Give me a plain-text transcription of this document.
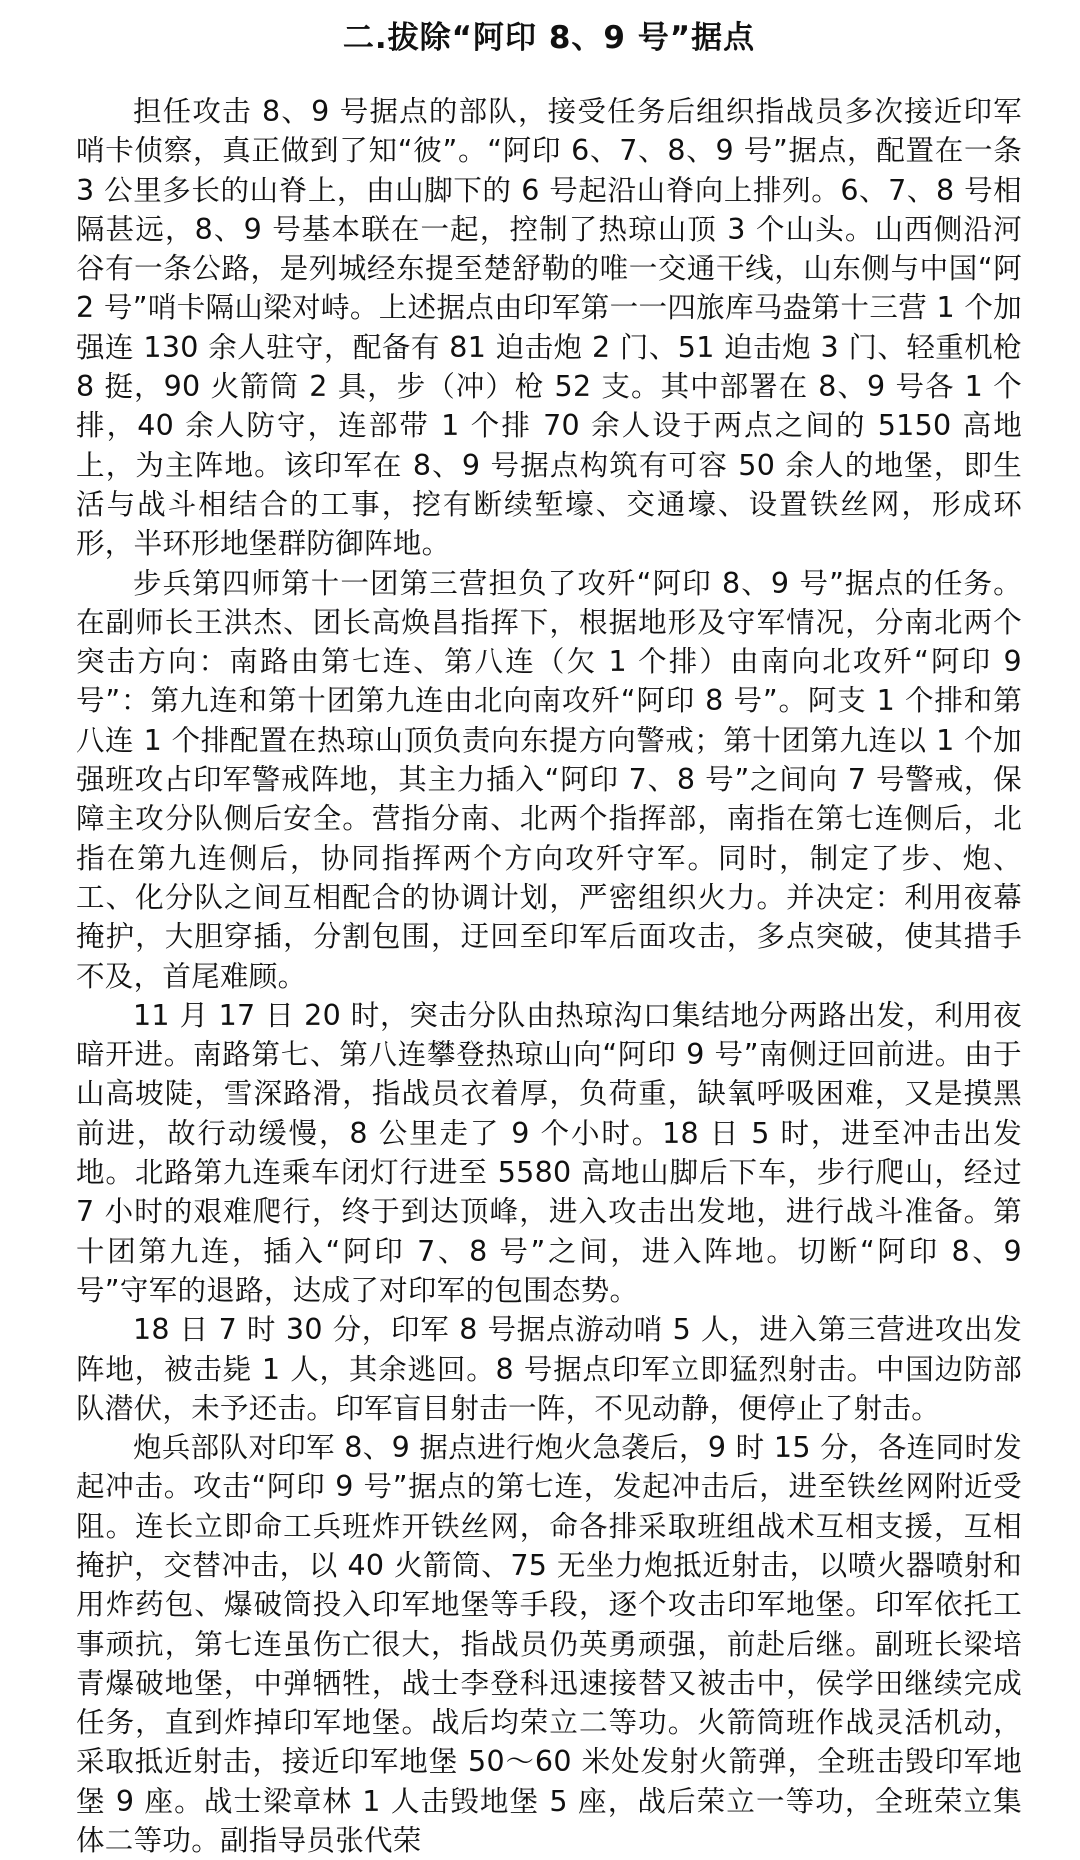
二.拔除“阿印 8、9 号”据点

担任攻击 8、9 号据点的部队，接受任务后组织指战员多次接近印军哨卡侦察，真正做到了知“彼”。“阿印 6、7、8、9 号”据点，配置在一条 3 公里多长的山脊上，由山脚下的 6 号起沿山脊向上排列。6、7、8 号相隔甚远，8、9 号基本联在一起，控制了热琼山顶 3 个山头。山西侧沿河谷有一条公路，是列城经东提至楚舒勒的唯一交通干线，山东侧与中国“阿 2 号”哨卡隔山梁对峙。上述据点由印军第一一四旅库马盎第十三营 1 个加强连 130 余人驻守，配备有 81 迫击炮 2 门、51 迫击炮 3 门、轻重机枪 8 挺，90 火箭筒 2 具，步（冲）枪 52 支。其中部署在 8、9 号各 1 个排，40 余人防守，连部带 1 个排 70 余人设于两点之间的 5150 高地上，为主阵地。该印军在 8、9 号据点构筑有可容 50 余人的地堡，即生活与战斗相结合的工事，挖有断续堑壕、交通壕、设置铁丝网，形成环形，半环形地堡群防御阵地。

步兵第四师第十一团第三营担负了攻歼“阿印 8、9 号”据点的任务。在副师长王洪杰、团长高焕昌指挥下，根据地形及守军情况，分南北两个突击方向：南路由第七连、第八连（欠 1 个排）由南向北攻歼“阿印 9 号”：第九连和第十团第九连由北向南攻歼“阿印 8 号”。阿支 1 个排和第八连 1 个排配置在热琼山顶负责向东提方向警戒；第十团第九连以 1 个加强班攻占印军警戒阵地，其主力插入“阿印 7、8 号”之间向 7 号警戒，保障主攻分队侧后安全。营指分南、北两个指挥部，南指在第七连侧后，北指在第九连侧后，协同指挥两个方向攻歼守军。同时，制定了步、炮、工、化分队之间互相配合的协调计划，严密组织火力。并决定：利用夜幕掩护，大胆穿插，分割包围，迂回至印军后面攻击，多点突破，使其措手不及，首尾难顾。

11 月 17 日 20 时，突击分队由热琼沟口集结地分两路出发，利用夜暗开进。南路第七、第八连攀登热琼山向“阿印 9 号”南侧迂回前进。由于山高坡陡，雪深路滑，指战员衣着厚，负荷重，缺氧呼吸困难，又是摸黑前进，故行动缓慢，8 公里走了 9 个小时。18 日 5 时，进至冲击出发地。北路第九连乘车闭灯行进至 5580 高地山脚后下车，步行爬山，经过 7 小时的艰难爬行，终于到达顶峰，进入攻击出发地，进行战斗准备。第十团第九连，插入“阿印 7、8 号”之间，进入阵地。切断“阿印 8、9 号”守军的退路，达成了对印军的包围态势。

18 日 7 时 30 分，印军 8 号据点游动哨 5 人，进入第三营进攻出发阵地，被击毙 1 人，其余逃回。8 号据点印军立即猛烈射击。中国边防部队潜伏，未予还击。印军盲目射击一阵，不见动静，便停止了射击。

炮兵部队对印军 8、9 据点进行炮火急袭后，9 时 15 分，各连同时发起冲击。攻击“阿印 9 号”据点的第七连，发起冲击后，进至铁丝网附近受阻。连长立即命工兵班炸开铁丝网，命各排采取班组战术互相支援，互相掩护，交替冲击，以 40 火箭筒、75 无坐力炮抵近射击，以喷火器喷射和用炸药包、爆破筒投入印军地堡等手段，逐个攻击印军地堡。印军依托工事顽抗，第七连虽伤亡很大，指战员仍英勇顽强，前赴后继。副班长梁培青爆破地堡，中弹牺牲，战士李登科迅速接替又被击中，侯学田继续完成任务，直到炸掉印军地堡。战后均荣立二等功。火箭筒班作战灵活机动，采取抵近射击，接近印军地堡 50～60 米处发射火箭弹，全班击毁印军地堡 9 座。战士梁章林 1 人击毁地堡 5 座，战后荣立一等功，全班荣立集体二等功。副指导员张代荣
